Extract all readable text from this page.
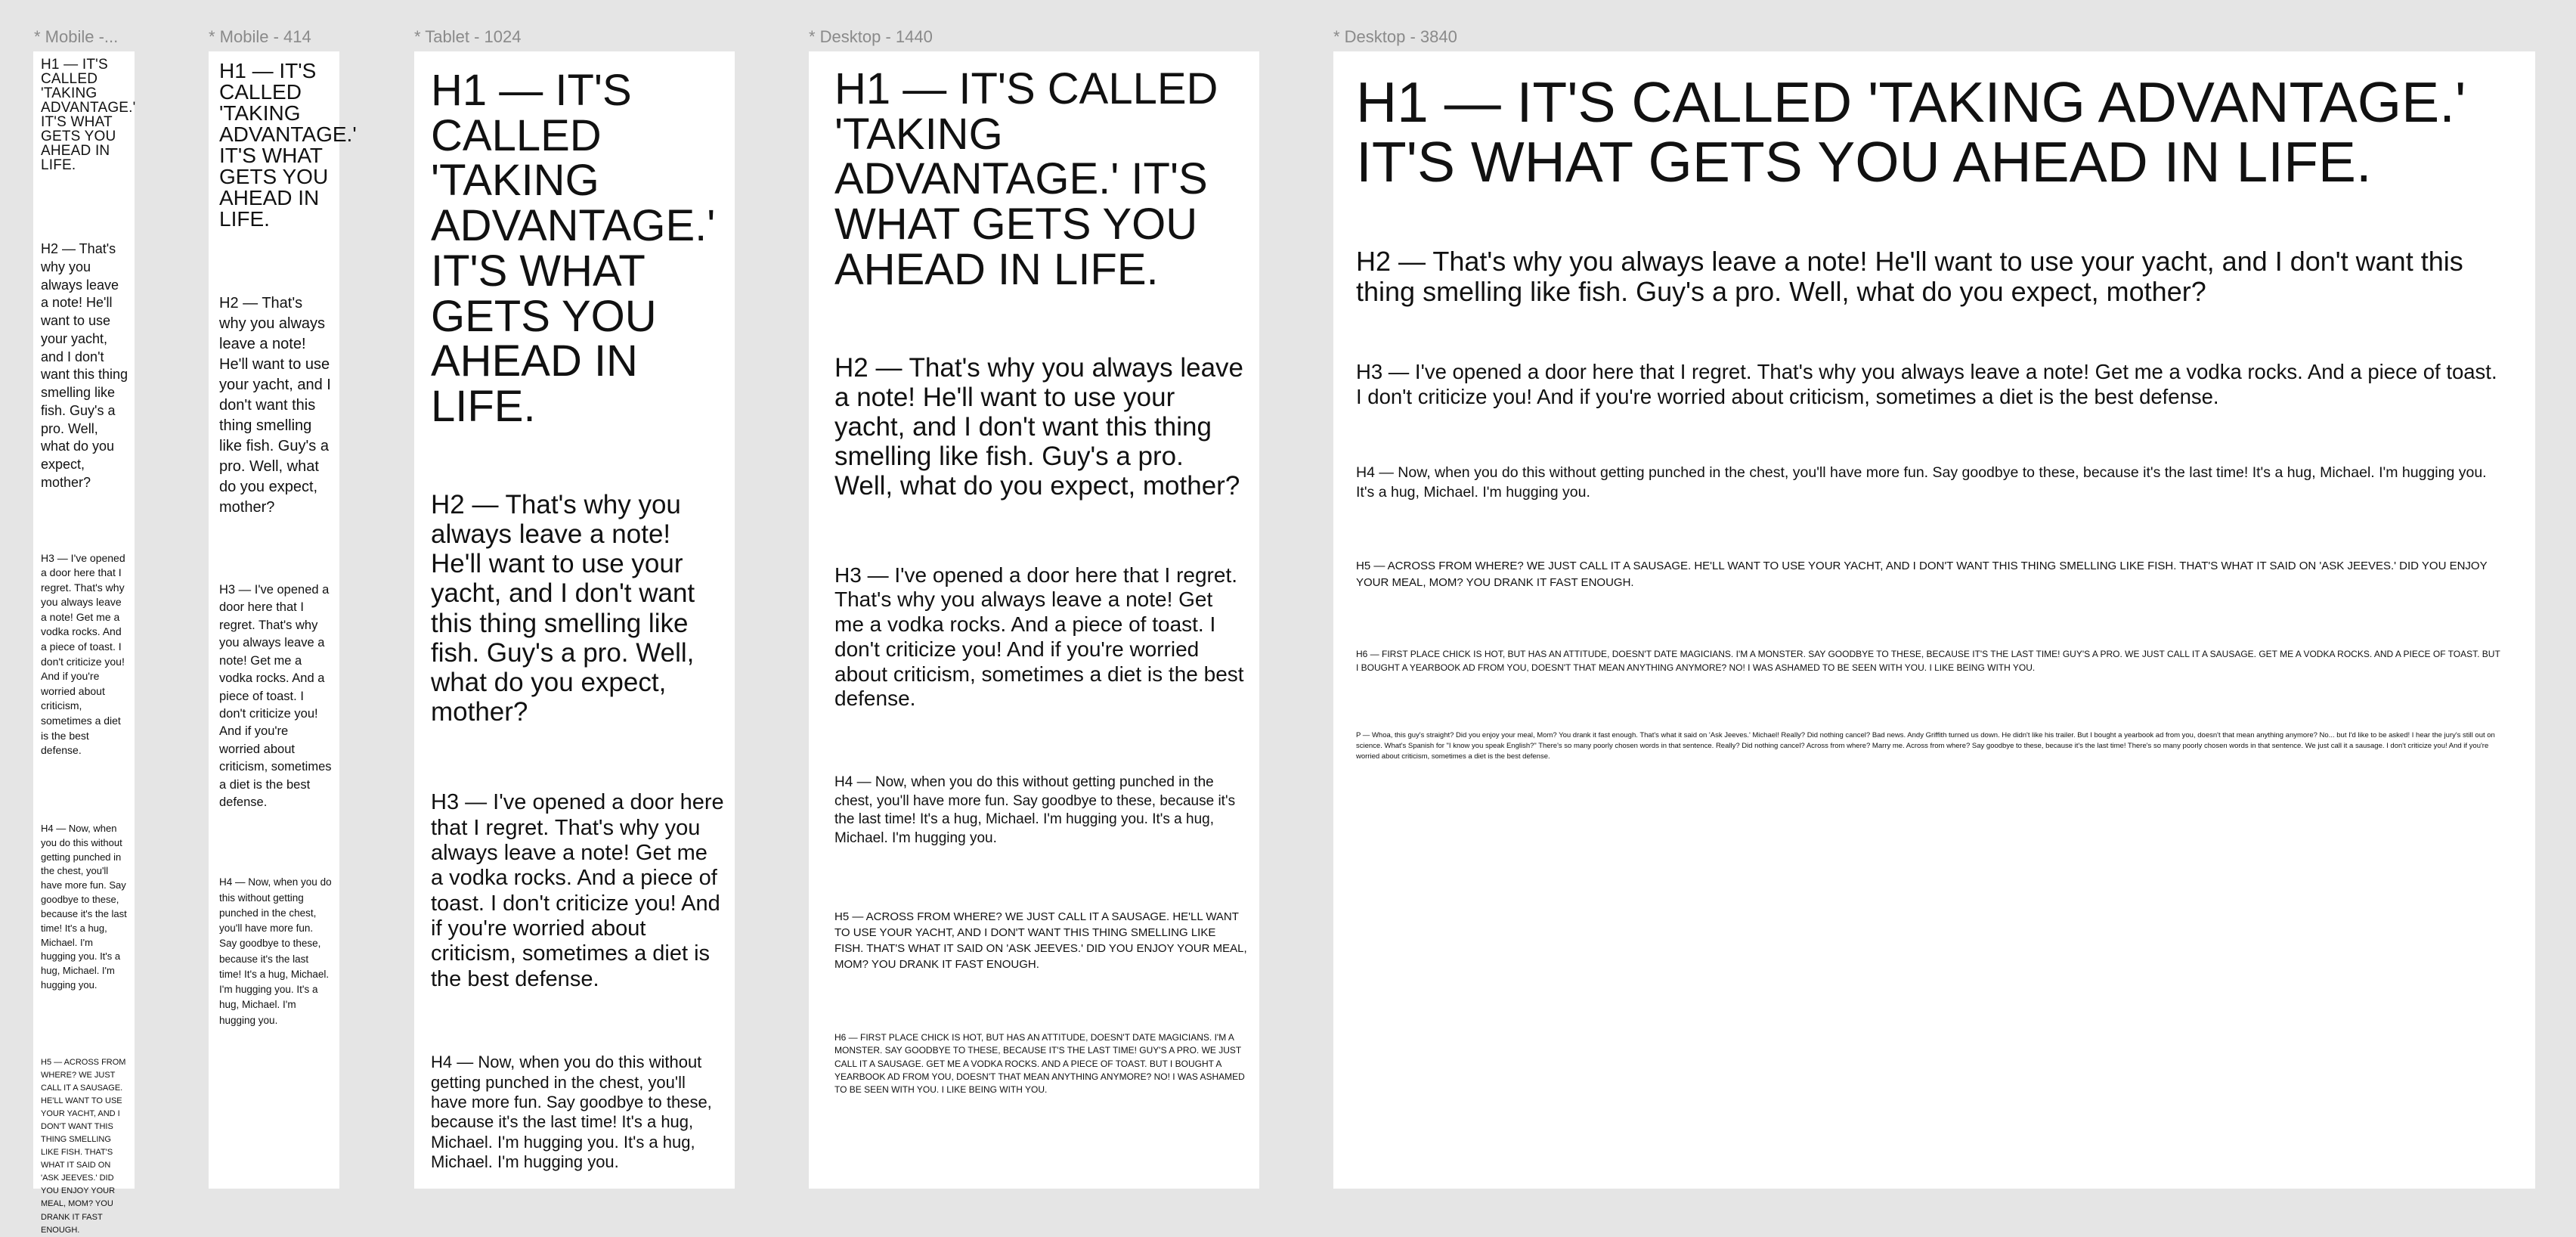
* Mobile -...	* Mobile - 414	* Tablet - 1024	* Desktop - 1440	* Desktop - 3840

H1 — IT'S CALLED 'TAKING ADVANTAGE.' IT'S WHAT GETS YOU AHEAD IN LIFE.

H2 — That's why you always leave a note! He'll want to use your yacht, and I don't want this thing smelling like fish. Guy's a pro. Well, what do you expect, mother?

H3 — I've opened a door here that I regret. That's why you always leave a note! Get me a vodka rocks. And a piece of toast. I don't criticize you! And if you're worried about criticism, sometimes a diet is the best defense.

H4 — Now, when you do this without getting punched in the chest, you'll have more fun. Say goodbye to these, because it's the last time! It's a hug, Michael. I'm hugging you. It's a hug, Michael. I'm hugging you.

H5 — ACROSS FROM WHERE? WE JUST CALL IT A SAUSAGE. HE'LL WANT TO USE YOUR YACHT, AND I DON'T WANT THIS THING SMELLING LIKE FISH. THAT'S WHAT IT SAID ON 'ASK JEEVES.' DID YOU ENJOY YOUR MEAL, MOM? YOU DRANK IT FAST ENOUGH.

H1 — IT'S CALLED 'TAKING ADVANTAGE.' IT'S WHAT GETS YOU AHEAD IN LIFE.

H2 — That's why you always leave a note! He'll want to use your yacht, and I don't want this thing smelling like fish. Guy's a pro. Well, what do you expect, mother?

H3 — I've opened a door here that I regret. That's why you always leave a note! Get me a vodka rocks. And a piece of toast. I don't criticize you! And if you're worried about criticism, sometimes a diet is the best defense.

H4 — Now, when you do this without getting punched in the chest, you'll have more fun. Say goodbye to these, because it's the last time! It's a hug, Michael. I'm hugging you. It's a hug, Michael. I'm hugging you.

H1 — IT'S CALLED 'TAKING ADVANTAGE.' IT'S WHAT GETS YOU AHEAD IN LIFE.

H2 — That's why you always leave a note! He'll want to use your yacht, and I don't want this thing smelling like fish. Guy's a pro. Well, what do you expect, mother?

H3 — I've opened a door here that I regret. That's why you always leave a note! Get me a vodka rocks. And a piece of toast. I don't criticize you! And if you're worried about criticism, sometimes a diet is the best defense.

H4 — Now, when you do this without getting punched in the chest, you'll have more fun. Say goodbye to these, because it's the last time! It's a hug, Michael. I'm hugging you. It's a hug, Michael. I'm hugging you.

H1 — IT'S CALLED 'TAKING ADVANTAGE.' IT'S WHAT GETS YOU AHEAD IN LIFE.

H2 — That's why you always leave a note! He'll want to use your yacht, and I don't want this thing smelling like fish. Guy's a pro. Well, what do you expect, mother?

H3 — I've opened a door here that I regret. That's why you always leave a note! Get me a vodka rocks. And a piece of toast. I don't criticize you! And if you're worried about criticism, sometimes a diet is the best defense.

H4 — Now, when you do this without getting punched in the chest, you'll have more fun. Say goodbye to these, because it's the last time! It's a hug, Michael. I'm hugging you. It's a hug, Michael. I'm hugging you.

H5 — ACROSS FROM WHERE? WE JUST CALL IT A SAUSAGE. HE'LL WANT TO USE YOUR YACHT, AND I DON'T WANT THIS THING SMELLING LIKE FISH. THAT'S WHAT IT SAID ON 'ASK JEEVES.' DID YOU ENJOY YOUR MEAL, MOM? YOU DRANK IT FAST ENOUGH.

H6 — FIRST PLACE CHICK IS HOT, BUT HAS AN ATTITUDE, DOESN'T DATE MAGICIANS. I'M A MONSTER. SAY GOODBYE TO THESE, BECAUSE IT'S THE LAST TIME! GUY'S A PRO. WE JUST CALL IT A SAUSAGE. GET ME A VODKA ROCKS. AND A PIECE OF TOAST. BUT I BOUGHT A YEARBOOK AD FROM YOU, DOESN'T THAT MEAN ANYTHING ANYMORE? NO! I WAS ASHAMED TO BE SEEN WITH YOU. I LIKE BEING WITH YOU.

H1 — IT'S CALLED 'TAKING ADVANTAGE.' IT'S WHAT GETS YOU AHEAD IN LIFE.

H2 — That's why you always leave a note! He'll want to use your yacht, and I don't want this thing smelling like fish. Guy's a pro. Well, what do you expect, mother?

H3 — I've opened a door here that I regret. That's why you always leave a note! Get me a vodka rocks. And a piece of toast. I don't criticize you! And if you're worried about criticism, sometimes a diet is the best defense.

H4 — Now, when you do this without getting punched in the chest, you'll have more fun. Say goodbye to these, because it's the last time! It's a hug, Michael. I'm hugging you. It's a hug, Michael. I'm hugging you.

H5 — ACROSS FROM WHERE? WE JUST CALL IT A SAUSAGE. HE'LL WANT TO USE YOUR YACHT, AND I DON'T WANT THIS THING SMELLING LIKE FISH. THAT'S WHAT IT SAID ON 'ASK JEEVES.' DID YOU ENJOY YOUR MEAL, MOM? YOU DRANK IT FAST ENOUGH.

H6 — FIRST PLACE CHICK IS HOT, BUT HAS AN ATTITUDE, DOESN'T DATE MAGICIANS. I'M A MONSTER. SAY GOODBYE TO THESE, BECAUSE IT'S THE LAST TIME! GUY'S A PRO. WE JUST CALL IT A SAUSAGE. GET ME A VODKA ROCKS. AND A PIECE OF TOAST. BUT I BOUGHT A YEARBOOK AD FROM YOU, DOESN'T THAT MEAN ANYTHING ANYMORE? NO! I WAS ASHAMED TO BE SEEN WITH YOU. I LIKE BEING WITH YOU.

P — Whoa, this guy's straight? Did you enjoy your meal, Mom? You drank it fast enough. That's what it said on 'Ask Jeeves.' Michael! Really? Did nothing cancel? Bad news. Andy Griffith turned us down. He didn't like his trailer. But I bought a yearbook ad from you, doesn't that mean anything anymore? No... but I'd like to be asked! I hear the jury's still out on science. What's Spanish for "I know you speak English?" There's so many poorly chosen words in that sentence. Really? Did nothing cancel? Across from where? Marry me. Across from where? Say goodbye to these, because it's the last time! There's so many poorly chosen words in that sentence. We just call it a sausage. I don't criticize you! And if you're worried about criticism, sometimes a diet is the best defense.
